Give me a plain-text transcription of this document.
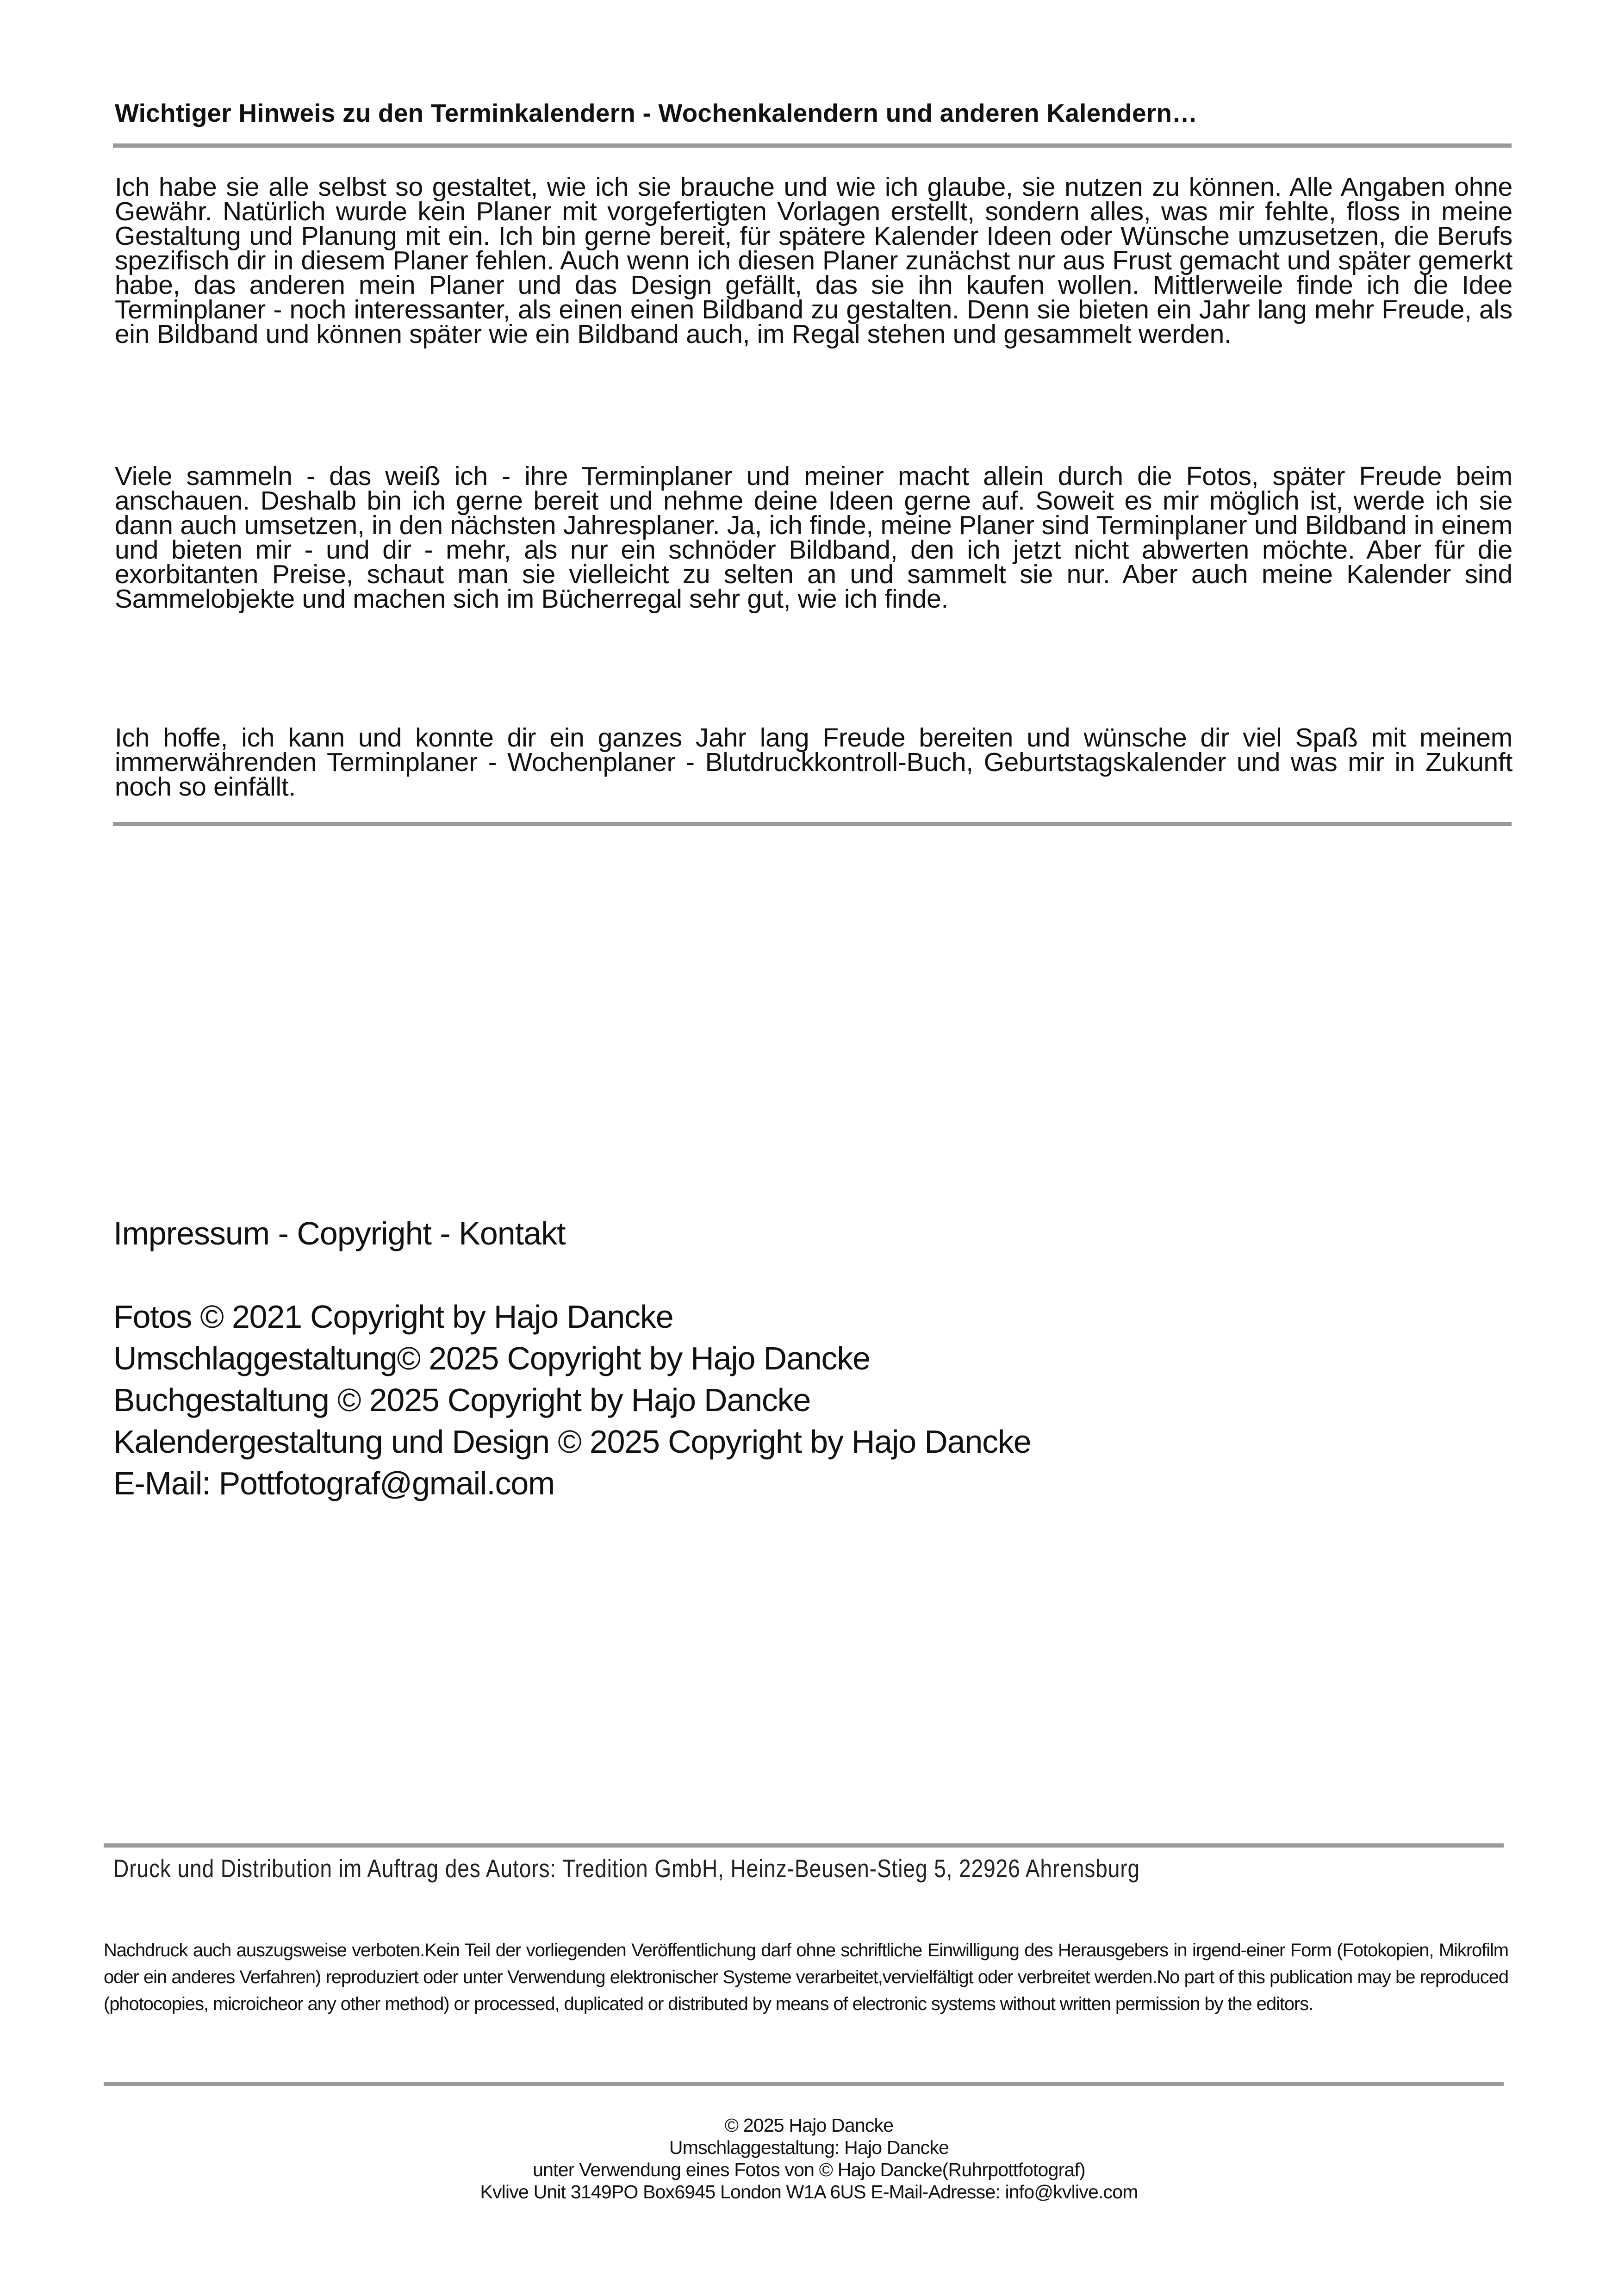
Wichtiger Hinweis zu den Terminkalendern - Wochenkalendern und anderen Kalendern…
Ich habe sie alle selbst so gestaltet, wie ich sie brauche und wie ich glaube, sie nutzen zu können. Alle Angaben ohne Gewähr. Natürlich wurde kein Planer mit vorgefertigten Vorlagen erstellt, sondern alles, was mir fehlte, floss in meine Gestaltung und Planung mit ein. Ich bin gerne bereit, für spätere Kalender Ideen oder Wünsche umzusetzen, die Berufs spezifisch dir in diesem Planer fehlen. Auch wenn ich diesen Planer zunächst nur aus Frust gemacht und später gemerkt habe, das anderen mein Planer und das Design gefällt, das sie ihn kaufen wollen. Mittlerweile finde ich die Idee Terminplaner - noch interessanter, als einen einen Bildband zu gestalten. Denn sie bieten ein Jahr lang mehr Freude, als ein Bildband und können später wie ein Bildband auch, im Regal stehen und gesammelt werden.
Viele sammeln - das weiß ich - ihre Terminplaner und meiner macht allein durch die Fotos, später Freude beim anschauen. Deshalb bin ich gerne bereit und nehme deine Ideen gerne auf. Soweit es mir möglich ist, werde ich sie dann auch umsetzen, in den nächsten Jahresplaner. Ja, ich finde, meine Planer sind Terminplaner und Bildband in einem und bieten mir - und dir - mehr, als nur ein schnöder Bildband, den ich jetzt nicht abwerten möchte. Aber für die exorbitanten Preise, schaut man sie vielleicht zu selten an und sammelt sie nur. Aber auch meine Kalender sind Sammelobjekte und machen sich im Bücherregal sehr gut, wie ich finde.
Ich hoffe, ich kann und konnte dir ein ganzes Jahr lang Freude bereiten und wünsche dir viel Spaß mit meinem immerwährenden Terminplaner - Wochenplaner - Blutdruckkontroll-Buch, Geburtstagskalender und was mir in Zukunft noch so einfällt.
Impressum - Copyright - Kontakt
Fotos © 2021 Copyright by Hajo Dancke
Umschlaggestaltung© 2025 Copyright by Hajo Dancke
Buchgestaltung © 2025 Copyright by Hajo Dancke
Kalendergestaltung und Design © 2025 Copyright by Hajo Dancke
E-Mail: Pottfotograf@gmail.com
Druck und Distribution im Auftrag des Autors: Tredition GmbH, Heinz-Beusen-Stieg 5, 22926 Ahrensburg
Nachdruck auch auszugsweise verboten.Kein Teil der vorliegenden Veröffentlichung darf ohne schriftliche Einwilligung des Herausgebers in irgend-einer Form (Fotokopien, Mikrofilm oder ein anderes Verfahren) reproduziert oder unter Verwendung elektronischer Systeme verarbeitet,vervielfältigt oder verbreitet werden.No part of this publication may be reproduced (photocopies, microicheor any other method) or processed, duplicated or distributed by means of electronic systems without written permission by the editors.
© 2025 Hajo Dancke
Umschlaggestaltung: Hajo Dancke
unter Verwendung eines Fotos von © Hajo Dancke(Ruhrpottfotograf)
Kvlive Unit 3149PO Box6945 London W1A 6US E-Mail-Adresse: info@kvlive.com
